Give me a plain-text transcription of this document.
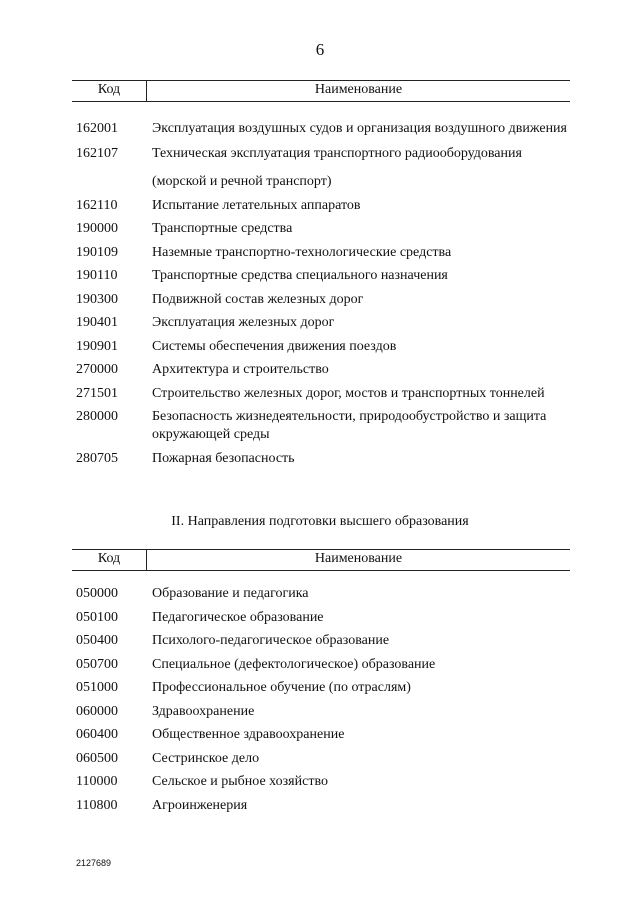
6
Код	Наименование
162001	Эксплуатация воздушных судов и организация воздушного движения
162107	Техническая эксплуатация транспортного радиооборудования (морской и речной транспорт)
162110	Испытание летательных аппаратов
190000	Транспортные средства
190109	Наземные транспортно-технологические средства
190110	Транспортные средства специального назначения
190300	Подвижной состав железных дорог
190401	Эксплуатация железных дорог
190901	Системы обеспечения движения поездов
270000	Архитектура и строительство
271501	Строительство железных дорог, мостов и транспортных тоннелей
280000	Безопасность жизнедеятельности, природообустройство и защита окружающей среды
280705	Пожарная безопасность
II. Направления подготовки высшего образования
Код	Наименование
050000	Образование и педагогика
050100	Педагогическое образование
050400	Психолого-педагогическое образование
050700	Специальное (дефектологическое) образование
051000	Профессиональное обучение (по отраслям)
060000	Здравоохранение
060400	Общественное здравоохранение
060500	Сестринское дело
110000	Сельское и рыбное хозяйство
110800	Агроинженерия
2127689
